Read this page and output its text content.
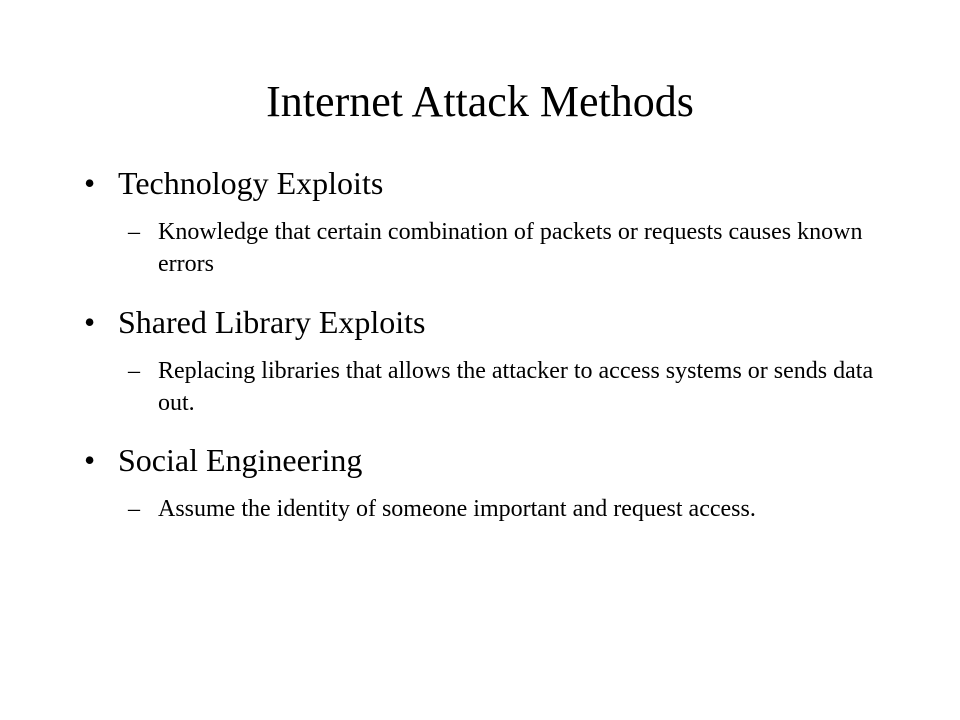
Internet Attack Methods
• Technology Exploits
– Knowledge that certain combination of packets or requests causes known errors
• Shared Library Exploits
– Replacing libraries that allows the attacker to access systems or sends data out.
• Social Engineering
– Assume the identity of someone important and request access.
